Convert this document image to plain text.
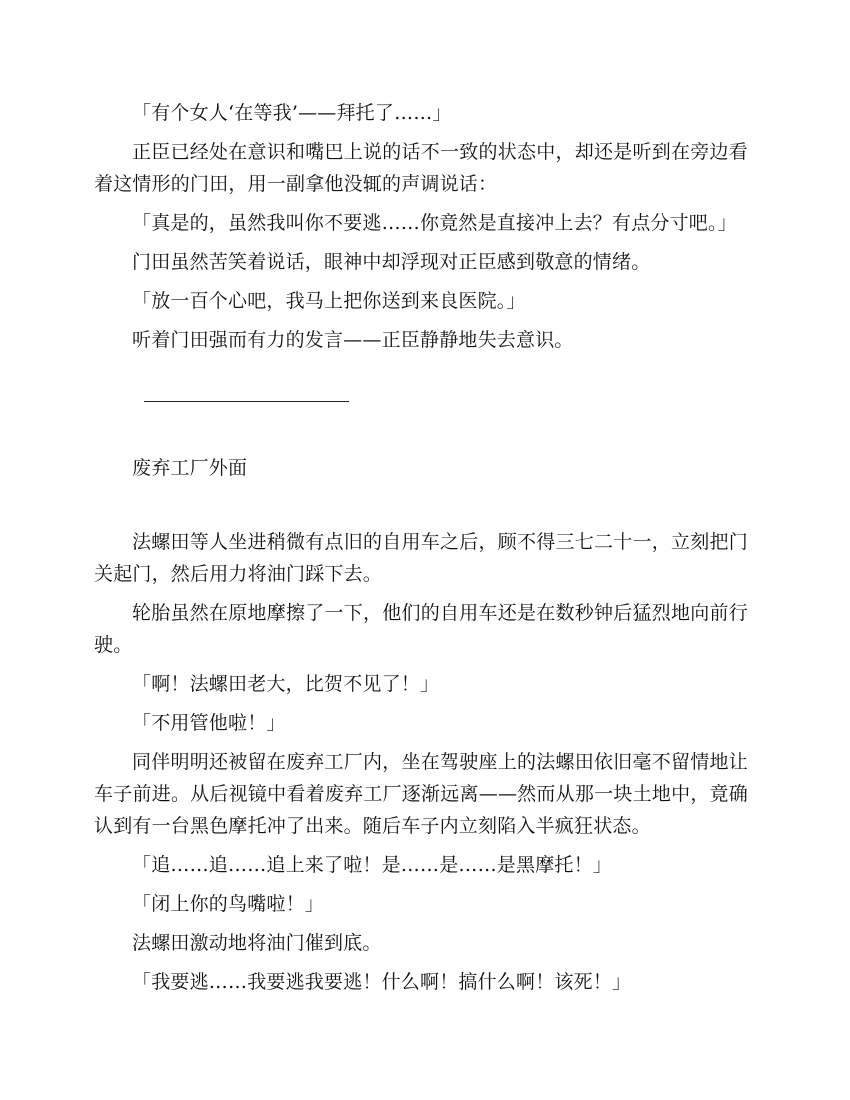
「有个女人‘在等我’——拜托了……」

正臣已经处在意识和嘴巴上说的话不一致的状态中，却还是听到在旁边看着这情形的门田，用一副拿他没辄的声调说话：

「真是的，虽然我叫你不要逃……你竟然是直接冲上去？有点分寸吧。」

门田虽然苦笑着说话，眼神中却浮现对正臣感到敬意的情绪。

「放一百个心吧，我马上把你送到来良医院。」

听着门田强而有力的发言——正臣静静地失去意识。

废弃工厂外面

法螺田等人坐进稍微有点旧的自用车之后，顾不得三七二十一，立刻把门关起门，然后用力将油门踩下去。

轮胎虽然在原地摩擦了一下，他们的自用车还是在数秒钟后猛烈地向前行驶。

「啊！法螺田老大，比贺不见了！」

「不用管他啦！」

同伴明明还被留在废弃工厂内，坐在驾驶座上的法螺田依旧毫不留情地让车子前进。从后视镜中看着废弃工厂逐渐远离——然而从那一块土地中，竟确认到有一台黑色摩托冲了出来。随后车子内立刻陷入半疯狂状态。

「追……追……追上来了啦！是……是……是黑摩托！」

「闭上你的鸟嘴啦！」

法螺田激动地将油门催到底。

「我要逃……我要逃我要逃！什么啊！搞什么啊！该死！」
